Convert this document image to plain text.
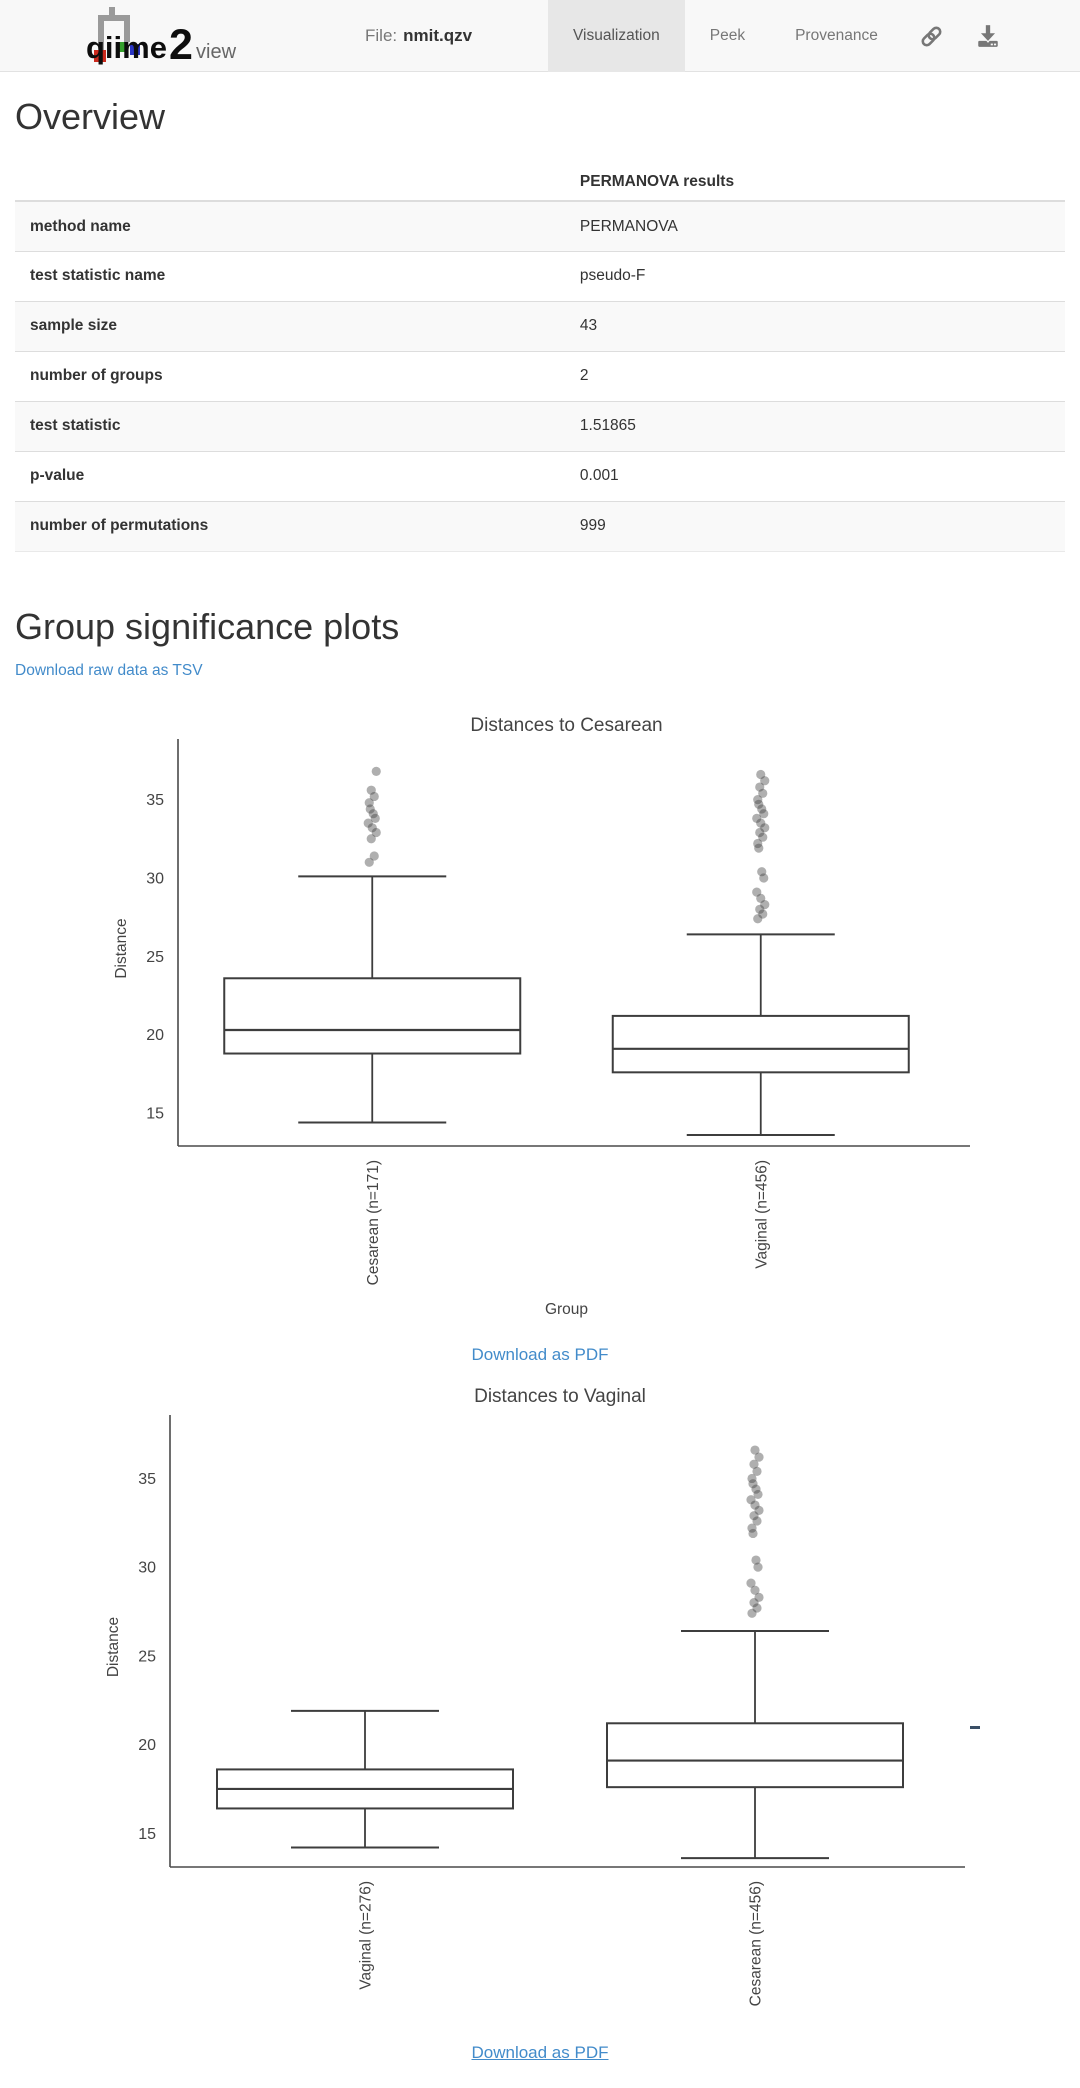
qiime 2 view
File: nmit.qzv	Visualization	Peek	Provenance
Overview
	PERMANOVA results
method name	PERMANOVA
test statistic name	pseudo-F
sample size	43
number of groups	2
test statistic	1.51865
p-value	0.001
number of permutations	999
Group significance plots
Download raw data as TSV
Distances to Cesarean
15
20
25
30
35
Distance
Cesarean (n=171)	Vaginal (n=456)
Group
Download as PDF
Distances to Vaginal
15
20
25
30
35
Distance
Vaginal (n=276)	Cesarean (n=456)
Download as PDF
